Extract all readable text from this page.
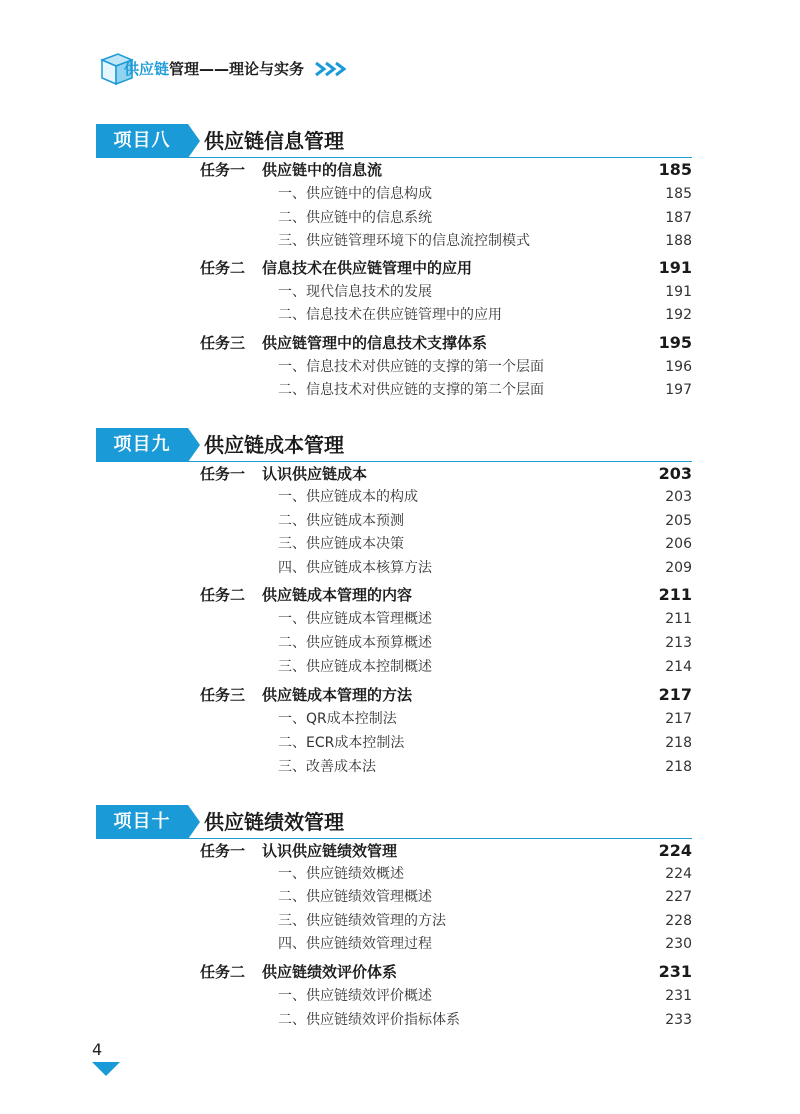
供应链管理——理论与实务
项目八	供应链信息管理
任务一 供应链中的信息流	185
一、供应链中的信息构成	185
二、供应链中的信息系统	187
三、供应链管理环境下的信息流控制模式	188
任务二 信息技术在供应链管理中的应用	191
一、现代信息技术的发展	191
二、信息技术在供应链管理中的应用	192
任务三 供应链管理中的信息技术支撑体系	195
一、信息技术对供应链的支撑的第一个层面	196
二、信息技术对供应链的支撑的第二个层面	197
项目九	供应链成本管理
任务一 认识供应链成本	203
一、供应链成本的构成	203
二、供应链成本预测	205
三、供应链成本决策	206
四、供应链成本核算方法	209
任务二 供应链成本管理的内容	211
一、供应链成本管理概述	211
二、供应链成本预算概述	213
三、供应链成本控制概述	214
任务三 供应链成本管理的方法	217
一、QR成本控制法	217
二、ECR成本控制法	218
三、改善成本法	218
项目十	供应链绩效管理
任务一 认识供应链绩效管理	224
一、供应链绩效概述	224
二、供应链绩效管理概述	227
三、供应链绩效管理的方法	228
四、供应链绩效管理过程	230
任务二 供应链绩效评价体系	231
一、供应链绩效评价概述	231
二、供应链绩效评价指标体系	233
4
